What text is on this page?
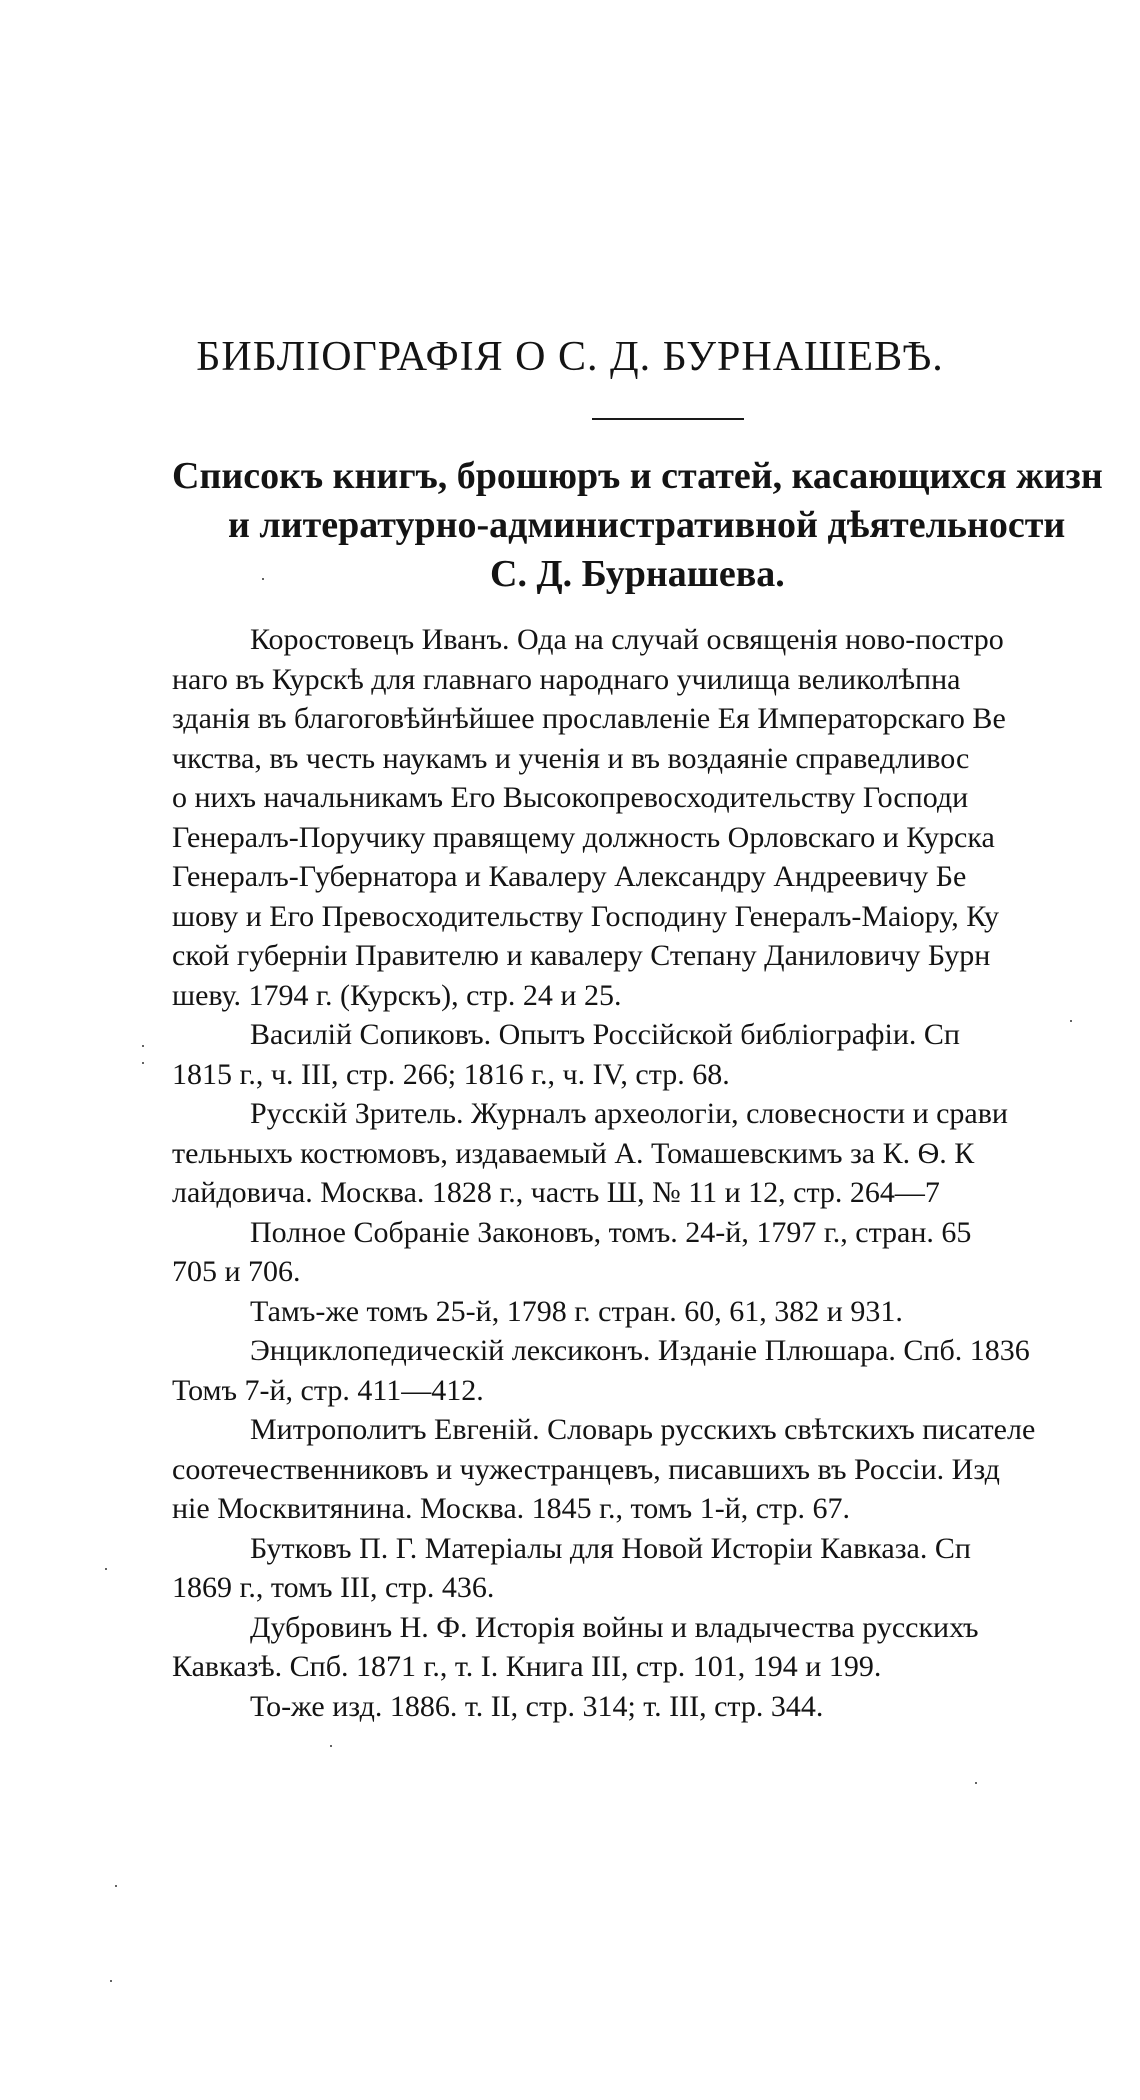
БИБЛІОГРАФІЯ О С. Д. БУРНАШЕВѢ.
Списокъ книгъ, брошюръ и статей, касающихся жизн
и литературно-административной дѣятельности
С. Д. Бурнашева.
Коростовецъ Иванъ. Ода на случай освященія ново-постро
наго въ Курскѣ для главнаго народнаго училища великолѣпна
зданія въ благоговѣйнѣйшее прославленіе Ея Императорскаго Ве
чкства, въ честь наукамъ и ученія и въ воздаяніе справедливос
о нихъ начальникамъ Его Высокопревосходительству Господи
Генералъ-Поручику правящему должность Орловскаго и Курска
Генералъ-Губернатора и Кавалеру Александру Андреевичу Бе
шову и Его Превосходительству Господину Генералъ-Маіору, Ку
ской губерніи Правителю и кавалеру Степану Даниловичу Бурн
шеву. 1794 г. (Курскъ), стр. 24 и 25.
Василій Сопиковъ. Опытъ Россійской библіографіи. Сп
1815 г., ч. III, стр. 266; 1816 г., ч. IV, стр. 68.
Русскій Зритель. Журналъ археологіи, словесности и срави
тельныхъ костюмовъ, издаваемый А. Томашевскимъ за К. Ѳ. К
лайдовича. Москва. 1828 г., часть Ш, № 11 и 12, стр. 264—7
Полное Собраніе Законовъ, томъ. 24-й, 1797 г., стран. 65
705 и 706.
Тамъ-же томъ 25-й, 1798 г. стран. 60, 61, 382 и 931.
Энциклопедическій лексиконъ. Изданіе Плюшара. Спб. 1836
Томъ 7-й, стр. 411—412.
Митрополитъ Евгеній. Словарь русскихъ свѣтскихъ писателе
соотечественниковъ и чужестранцевъ, писавшихъ въ Россіи. Изд
ніе Москвитянина. Москва. 1845 г., томъ 1-й, стр. 67.
Бутковъ П. Г. Матеріалы для Новой Исторіи Кавказа. Сп
1869 г., томъ III, стр. 436.
Дубровинъ Н. Ф. Исторія войны и владычества русскихъ
Кавказѣ. Спб. 1871 г., т. I. Книга III, стр. 101, 194 и 199.
То-же изд. 1886. т. II, стр. 314; т. III, стр. 344.
